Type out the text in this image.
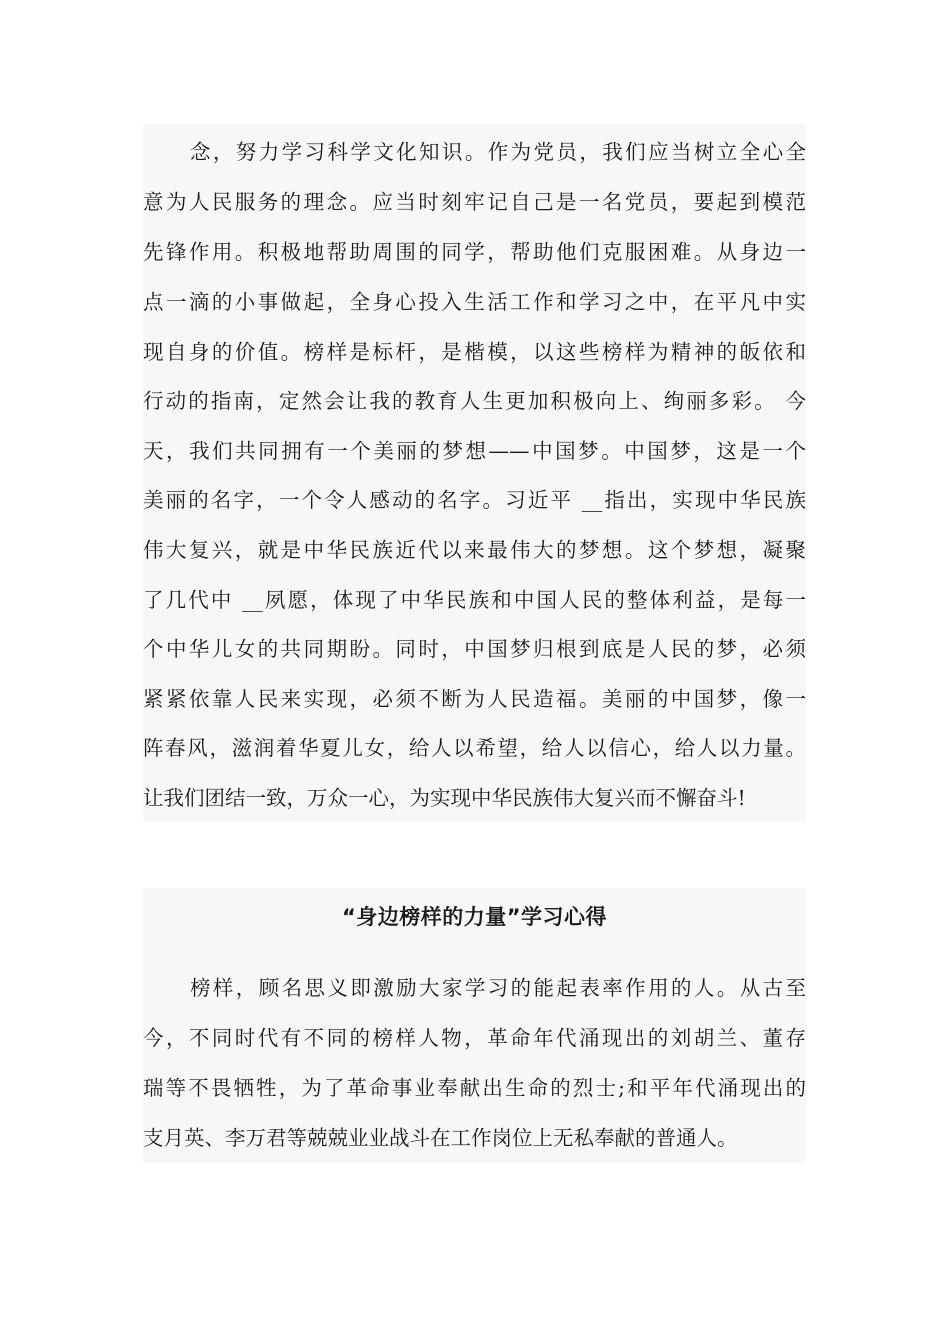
念，努力学习科学文化知识。作为党员，我们应当树立全心全
意为人民服务的理念。应当时刻牢记自己是一名党员，要起到模范
先锋作用。积极地帮助周围的同学，帮助他们克服困难。从身边一
点一滴的小事做起，全身心投入生活工作和学习之中，在平凡中实
现自身的价值。榜样是标杆，是楷模，以这些榜样为精神的皈依和
行动的指南，定然会让我的教育人生更加积极向上、绚丽多彩。 今
天，我们共同拥有一个美丽的梦想——中国梦。中国梦，这是一个
美丽的名字，一个令人感动的名字。习近平 __指出，实现中华民族
伟大复兴，就是中华民族近代以来最伟大的梦想。这个梦想，凝聚
了几代中 __夙愿，体现了中华民族和中国人民的整体利益，是每一
个中华儿女的共同期盼。同时，中国梦归根到底是人民的梦，必须
紧紧依靠人民来实现，必须不断为人民造福。美丽的中国梦，像一
阵春风，滋润着华夏儿女，给人以希望，给人以信心，给人以力量。
让我们团结一致，万众一心，为实现中华民族伟大复兴而不懈奋斗!
“身边榜样的力量”学习心得
榜样，顾名思义即激励大家学习的能起表率作用的人。从古至
今，不同时代有不同的榜样人物，革命年代涌现出的刘胡兰、董存
瑞等不畏牺牲，为了革命事业奉献出生命的烈士;和平年代涌现出的
支月英、李万君等兢兢业业战斗在工作岗位上无私奉献的普通人。
